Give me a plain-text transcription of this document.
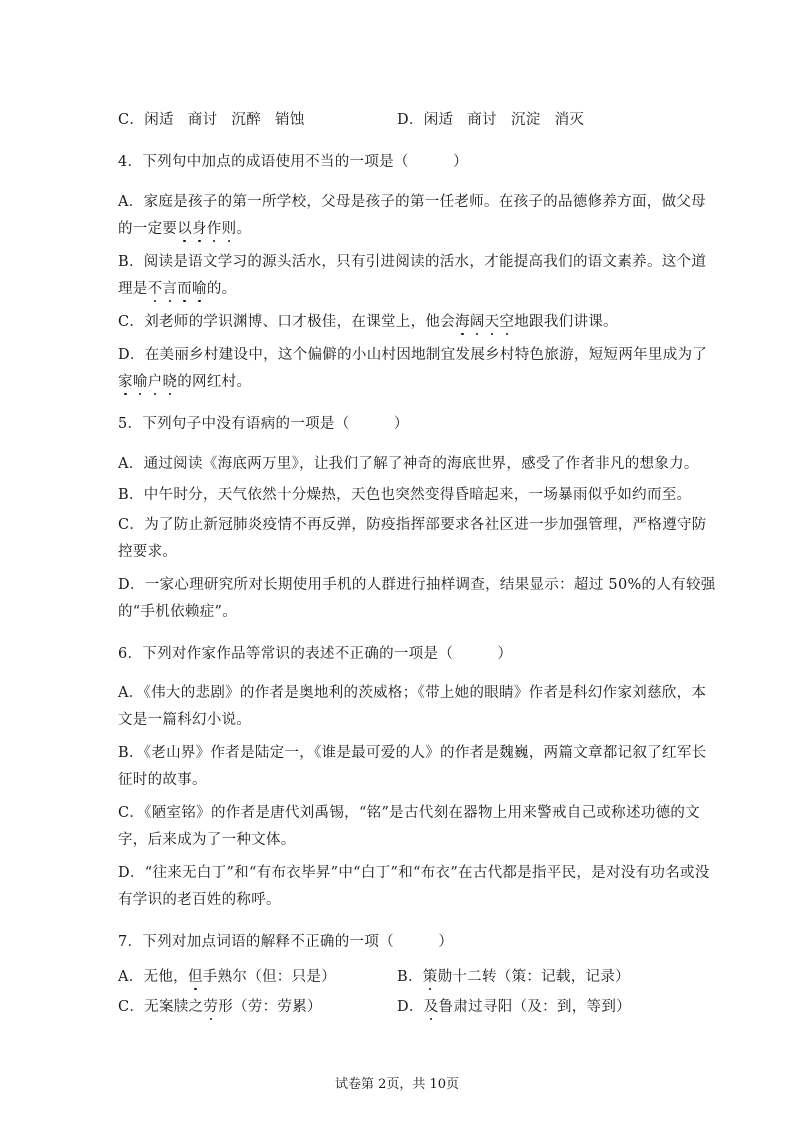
C．闲适 商讨 沉醉 销蚀	D．闲适 商讨 沉淀 消灭
4．下列句中加点的成语使用不当的一项是（　　　）
A．家庭是孩子的第一所学校，父母是孩子的第一任老师。在孩子的品德修养方面，做父母
的一定要以身作则。
B．阅读是语文学习的源头活水，只有引进阅读的活水，才能提高我们的语文素养。这个道
理是不言而喻的。
C．刘老师的学识渊博、口才极佳，在课堂上，他会海阔天空地跟我们讲课。
D．在美丽乡村建设中，这个偏僻的小山村因地制宜发展乡村特色旅游，短短两年里成为了
家喻户晓的网红村。
5．下列句子中没有语病的一项是（　　　）
A．通过阅读《海底两万里》，让我们了解了神奇的海底世界，感受了作者非凡的想象力。
B．中午时分，天气依然十分燥热，天色也突然变得昏暗起来，一场暴雨似乎如约而至。
C．为了防止新冠肺炎疫情不再反弹，防疫指挥部要求各社区进一步加强管理，严格遵守防
控要求。
D．一家心理研究所对长期使用手机的人群进行抽样调查，结果显示：超过 50%的人有较强
的“手机依赖症”。
6．下列对作家作品等常识的表述不正确的一项是（　　　）
A．《伟大的悲剧》的作者是奥地利的茨威格；《带上她的眼睛》作者是科幻作家刘慈欣，本
文是一篇科幻小说。
B．《老山界》作者是陆定一，《谁是最可爱的人》的作者是魏巍，两篇文章都记叙了红军长
征时的故事。
C．《陋室铭》的作者是唐代刘禹锡，“铭”是古代刻在器物上用来警戒自己或称述功德的文
字，后来成为了一种文体。
D．“往来无白丁”和“有布衣毕昇”中“白丁”和“布衣”在古代都是指平民，是对没有功名或没
有学识的老百姓的称呼。
7．下列对加点词语的解释不正确的一项（　　　）
A．无他，但手熟尔（但：只是）	B．策勋十二转（策：记载，记录）
C．无案牍之劳形（劳：劳累）	D．及鲁肃过寻阳（及：到，等到）
试卷第 2页，共 10页
